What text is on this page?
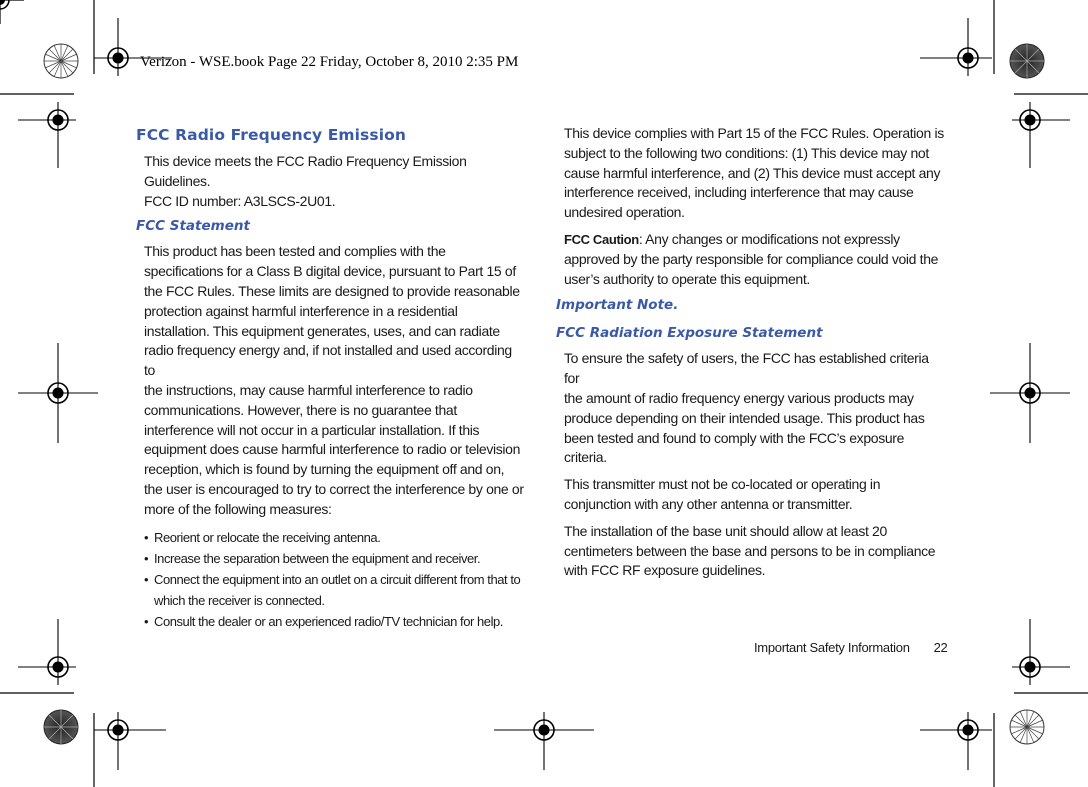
Verizon - WSE.book Page 22 Friday, October 8, 2010 2:35 PM
FCC Radio Frequency Emission
This device meets the FCC Radio Frequency Emission Guidelines.
FCC ID number: A3LSCS-2U01.
FCC Statement
This product has been tested and complies with the
specifications for a Class B digital device, pursuant to Part 15 of
the FCC Rules. These limits are designed to provide reasonable
protection against harmful interference in a residential
installation. This equipment generates, uses, and can radiate
radio frequency energy and, if not installed and used according to
the instructions, may cause harmful interference to radio
communications. However, there is no guarantee that
interference will not occur in a particular installation. If this
equipment does cause harmful interference to radio or television
reception, which is found by turning the equipment off and on,
the user is encouraged to try to correct the interference by one or
more of the following measures:
• Reorient or relocate the receiving antenna.
• Increase the separation between the equipment and receiver.
• Connect the equipment into an outlet on a circuit different from that to
which the receiver is connected.
• Consult the dealer or an experienced radio/TV technician for help.
This device complies with Part 15 of the FCC Rules. Operation is
subject to the following two conditions: (1) This device may not
cause harmful interference, and (2) This device must accept any
interference received, including interference that may cause
undesired operation.
FCC Caution: Any changes or modifications not expressly
approved by the party responsible for compliance could void the
user’s authority to operate this equipment.
Important Note.
FCC Radiation Exposure Statement
To ensure the safety of users, the FCC has established criteria for
the amount of radio frequency energy various products may
produce depending on their intended usage. This product has
been tested and found to comply with the FCC’s exposure
criteria.
This transmitter must not be co-located or operating in
conjunction with any other antenna or transmitter.
The installation of the base unit should allow at least 20
centimeters between the base and persons to be in compliance
with FCC RF exposure guidelines.
Important Safety Information 22
